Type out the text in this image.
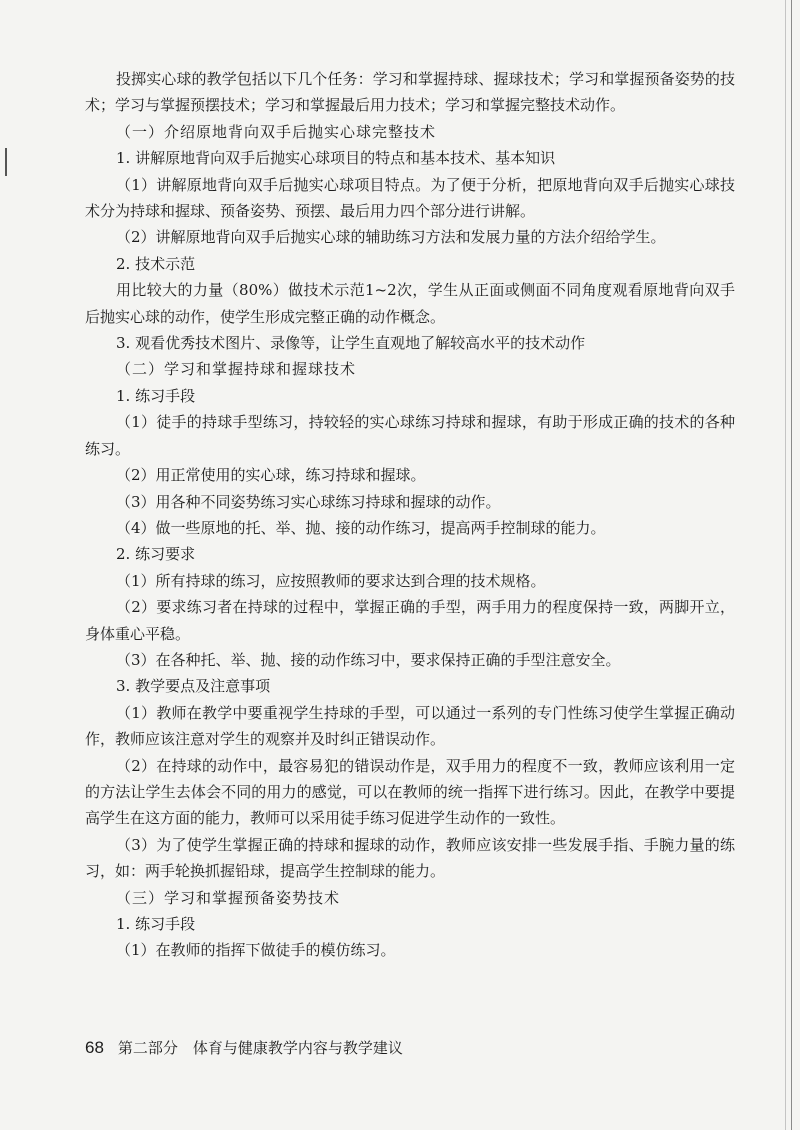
投掷实心球的教学包括以下几个任务：学习和掌握持球、握球技术；学习和掌握预备姿势的技术；学习与掌握预摆技术；学习和掌握最后用力技术；学习和掌握完整技术动作。

（一）介绍原地背向双手后抛实心球完整技术

1. 讲解原地背向双手后抛实心球项目的特点和基本技术、基本知识

（1）讲解原地背向双手后抛实心球项目特点。为了便于分析，把原地背向双手后抛实心球技术分为持球和握球、预备姿势、预摆、最后用力四个部分进行讲解。

（2）讲解原地背向双手后抛实心球的辅助练习方法和发展力量的方法介绍给学生。

2. 技术示范

用比较大的力量（80%）做技术示范1~2次，学生从正面或侧面不同角度观看原地背向双手后抛实心球的动作，使学生形成完整正确的动作概念。

3. 观看优秀技术图片、录像等，让学生直观地了解较高水平的技术动作

（二）学习和掌握持球和握球技术

1. 练习手段

（1）徒手的持球手型练习，持较轻的实心球练习持球和握球，有助于形成正确的技术的各种练习。

（2）用正常使用的实心球，练习持球和握球。

（3）用各种不同姿势练习实心球练习持球和握球的动作。

（4）做一些原地的托、举、抛、接的动作练习，提高两手控制球的能力。

2. 练习要求

（1）所有持球的练习，应按照教师的要求达到合理的技术规格。

（2）要求练习者在持球的过程中，掌握正确的手型，两手用力的程度保持一致，两脚开立，身体重心平稳。

（3）在各种托、举、抛、接的动作练习中，要求保持正确的手型注意安全。

3. 教学要点及注意事项

（1）教师在教学中要重视学生持球的手型，可以通过一系列的专门性练习使学生掌握正确动作，教师应该注意对学生的观察并及时纠正错误动作。

（2）在持球的动作中，最容易犯的错误动作是，双手用力的程度不一致，教师应该利用一定的方法让学生去体会不同的用力的感觉，可以在教师的统一指挥下进行练习。因此，在教学中要提高学生在这方面的能力，教师可以采用徒手练习促进学生动作的一致性。

（3）为了使学生掌握正确的持球和握球的动作，教师应该安排一些发展手指、手腕力量的练习，如：两手轮换抓握铅球，提高学生控制球的能力。

（三）学习和掌握预备姿势技术

1. 练习手段

（1）在教师的指挥下做徒手的模仿练习。

68 第二部分　体育与健康教学内容与教学建议
